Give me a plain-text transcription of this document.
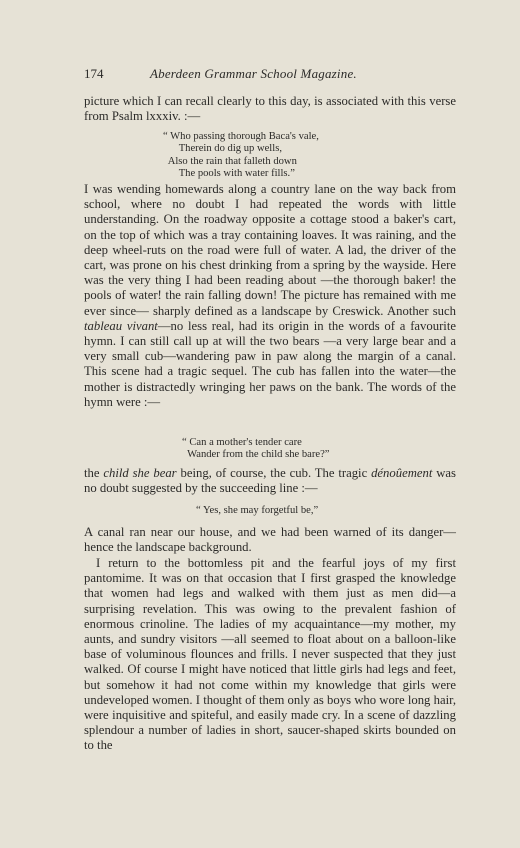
174	Aberdeen Grammar School Magazine.

picture which I can recall clearly to this day, is associated with this verse from Psalm lxxxiv. :—

“ Who passing thorough Baca's vale,
Therein do dig up wells,
Also the rain that falleth down
The pools with water fills.”

I was wending homewards along a country lane on the way back from school, where no doubt I had repeated the words with little understanding. On the roadway opposite a cottage stood a baker's cart, on the top of which was a tray containing loaves. It was raining, and the deep wheel-ruts on the road were full of water. A lad, the driver of the cart, was prone on his chest drinking from a spring by the wayside. Here was the very thing I had been reading about —the thorough baker! the pools of water! the rain falling down! The picture has remained with me ever since— sharply defined as a landscape by Creswick. Another such tableau vivant—no less real, had its origin in the words of a favourite hymn. I can still call up at will the two bears —a very large bear and a very small cub—wandering paw in paw along the margin of a canal. This scene had a tragic sequel. The cub has fallen into the water—the mother is distractedly wringing her paws on the bank. The words of the hymn were :—

“ Can a mother's tender care
Wander from the child she bare?”

the child she bear being, of course, the cub. The tragic dénoûement was no doubt suggested by the succeeding line :—

“ Yes, she may forgetful be,”

A canal ran near our house, and we had been warned of its danger—hence the landscape background.

I return to the bottomless pit and the fearful joys of my first pantomime. It was on that occasion that I first grasped the knowledge that women had legs and walked with them just as men did—a surprising revelation. This was owing to the prevalent fashion of enormous crinoline. The ladies of my acquaintance—my mother, my aunts, and sundry visitors —all seemed to float about on a balloon-like base of voluminous flounces and frills. I never suspected that they just walked. Of course I might have noticed that little girls had legs and feet, but somehow it had not come within my knowledge that girls were undeveloped women. I thought of them only as boys who wore long hair, were inquisitive and spiteful, and easily made cry. In a scene of dazzling splendour a number of ladies in short, saucer-shaped skirts bounded on to the
